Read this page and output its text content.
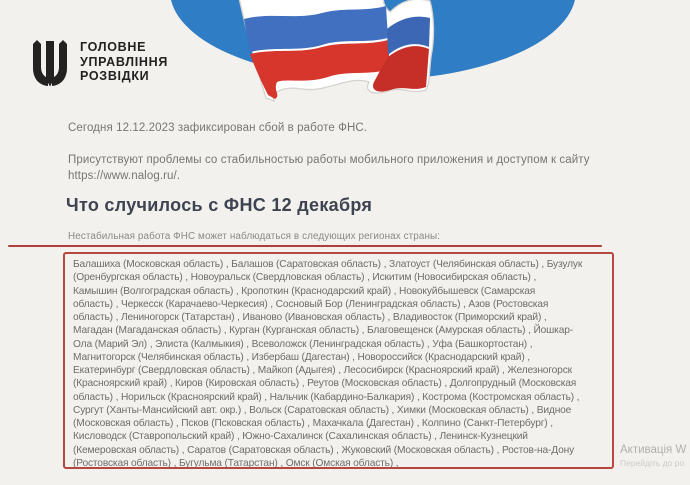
ГОЛОВНЕ
УПРАВЛІННЯ
РОЗВІДКИ
Сегодня 12.12.2023 зафиксирован сбой в работе ФНС.
Присутствуют проблемы со стабильностью работы мобильного приложения и доступом к сайту
https://www.nalog.ru/.
Что случилось с ФНС 12 декабря
Нестабильная работа ФНС может наблюдаться в следующих регионах страны:
Балашиха (Московская область) , Балашов (Саратовская область) , Златоуст (Челябинская область) , Бузулук
(Оренбургская область) , Новоуральск (Свердловская область) , Искитим (Новосибирская область) ,
Камышин (Волгоградская область) , Кропоткин (Краснодарский край) , Новокуйбышевск (Самарская
область) , Черкесск (Карачаево-Черкесия) , Сосновый Бор (Ленинградская область) , Азов (Ростовская
область) , Лениногорск (Татарстан) , Иваново (Ивановская область) , Владивосток (Приморский край) ,
Магадан (Магаданская область) , Курган (Курганская область) , Благовещенск (Амурская область) , Йошкар-
Ола (Марий Эл) , Элиста (Калмыкия) , Всеволожск (Ленинградская область) , Уфа (Башкортостан) ,
Магнитогорск (Челябинская область) , Избербаш (Дагестан) , Новороссийск (Краснодарский край) ,
Екатеринбург (Свердловская область) , Майкоп (Адыгея) , Лесосибирск (Красноярский край) , Железногорск
(Красноярский край) , Киров (Кировская область) , Реутов (Московская область) , Долгопрудный (Московская
область) , Норильск (Красноярский край) , Нальчик (Кабардино-Балкария) , Кострома (Костромская область) ,
Сургут (Ханты-Мансийский авт. окр.) , Вольск (Саратовская область) , Химки (Московская область) , Видное
(Московская область) , Псков (Псковская область) , Махачкала (Дагестан) , Колпино (Санкт-Петербург) ,
Кисловодск (Ставропольский край) , Южно-Сахалинск (Сахалинская область) , Ленинск-Кузнецкий
(Кемеровская область) , Саратов (Саратовская область) , Жуковский (Московская область) , Ростов-на-Дону
(Ростовская область) , Бугульма (Татарстан) , Омск (Омская область) ,
Активація W
Перейдіть до ро
